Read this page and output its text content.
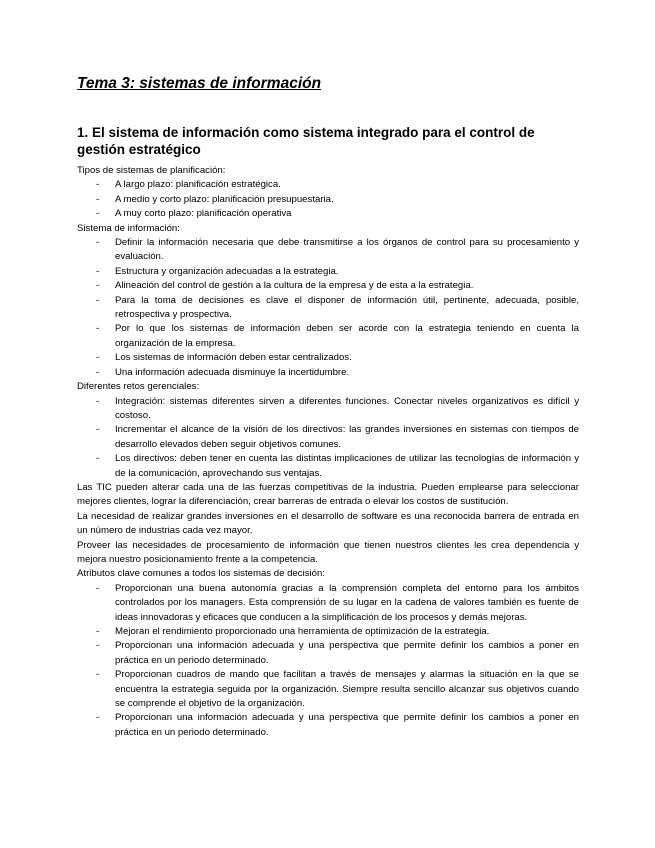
Tema 3: sistemas de información
1. El sistema de información como sistema integrado para el control de gestión estratégico

Tipos de sistemas de planificación:

- A largo plazo: planificación estratégica.
- A medio y corto plazo: planificación presupuestaria.
- A muy corto plazo: planificación operativa

Sistema de información:

- Definir la información necesaria que debe transmitirse a los órganos de control para su procesamiento y evaluación.
- Estructura y organización adecuadas a la estrategia.
- Alineación del control de gestión a la cultura de la empresa y de esta a la estrategia.
- Para la toma de decisiones es clave el disponer de información útil, pertinente, adecuada, posible, retrospectiva y prospectiva.
- Por lo que los sistemas de información deben ser acorde con la estrategia teniendo en cuenta la organización de la empresa.
- Los sistemas de información deben estar centralizados.
- Una información adecuada disminuye la incertidumbre.

Diferentes retos gerenciales:

- Integración: sistemas diferentes sirven a diferentes funciones. Conectar niveles organizativos es difícil y costoso.
- Incrementar el alcance de la visión de los directivos: las grandes inversiones en sistemas con tiempos de desarrollo elevados deben seguir objetivos comunes.
- Los directivos: deben tener en cuenta las distintas implicaciones de utilizar las tecnologías de información y de la comunicación, aprovechando sus ventajas.

Las TIC pueden alterar cada una de las fuerzas competitivas de la industria. Pueden emplearse para seleccionar mejores clientes, lograr la diferenciación, crear barreras de entrada o elevar los costos de sustitución.

La necesidad de realizar grandes inversiones en el desarrollo de software es una reconocida barrera de entrada en un número de industrias cada vez mayor.

Proveer las necesidades de procesamiento de información que tienen nuestros clientes les crea dependencia y mejora nuestro posicionamiento frente a la competencia.

Atributos clave comunes a todos los sistemas de decisión:

- Proporcionan una buena autonomía gracias a la comprensión completa del entorno para los ámbitos controlados por los managers. Esta comprensión de su lugar en la cadena de valores también es fuente de ideas innovadoras y eficaces que conducen a la simplificación de los procesos y demás mejoras.
- Mejoran el rendimiento proporcionado una herramienta de optimización de la estrategia.
- Proporcionan una información adecuada y una perspectiva que permite definir los cambios a poner en práctica en un periodo determinado.
- Proporcionan cuadros de mando que facilitan a través de mensajes y alarmas la situación en la que se encuentra la estrategia seguida por la organización. Siempre resulta sencillo alcanzar sus objetivos cuando se comprende el objetivo de la organización.
- Proporcionan una información adecuada y una perspectiva que permite definir los cambios a poner en práctica en un periodo determinado.
